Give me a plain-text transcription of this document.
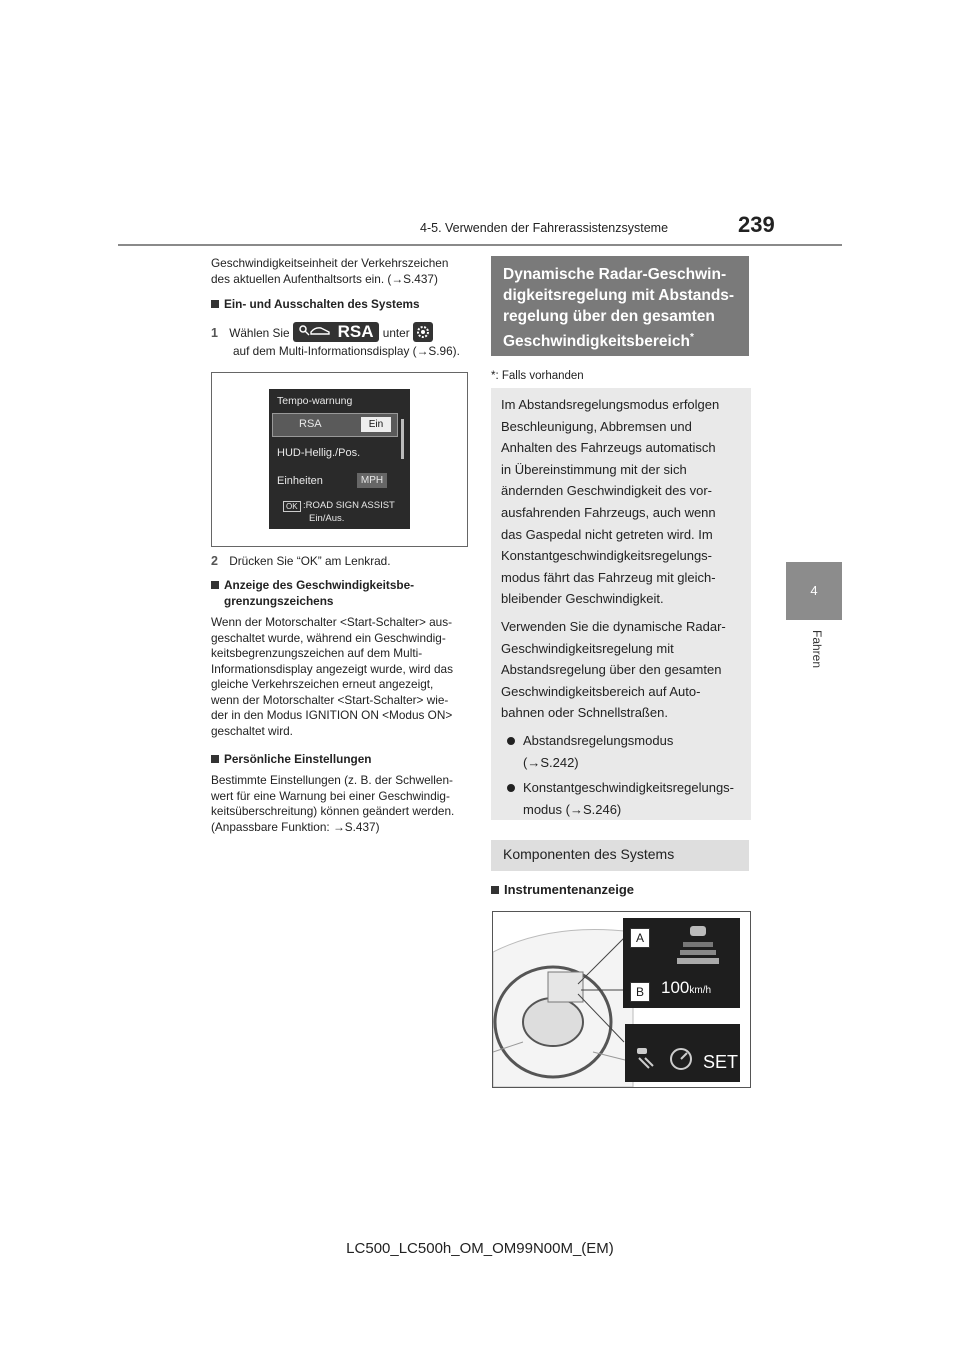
4-5. Verwenden der Fahrerassistenzsysteme	239
4
Fahren
Geschwindigkeitseinheit der Verkehrszeichen
des aktuellen Aufenthaltsorts ein. (→S.437)
Ein- und Ausschalten des Systems
1 Wählen Sie	RSA unter
auf dem Multi-Informationsdisplay (→S.96).
Tempo-warnung
RSA	Ein
HUD-Hellig./Pos.
Einheiten	MPH
OK :ROAD SIGN ASSIST
Ein/Aus.
2 Drücken Sie “OK” am Lenkrad.
Anzeige des Geschwindigkeitsbe-
grenzungszeichens
Wenn der Motorschalter <Start-Schalter> aus-
geschaltet wurde, während ein Geschwindig-
keitsbegrenzungszeichen auf dem Multi-
Informationsdisplay angezeigt wurde, wird das
gleiche Verkehrszeichen erneut angezeigt,
wenn der Motorschalter <Start-Schalter> wie-
der in den Modus IGNITION ON <Modus ON>
geschaltet wird.
Persönliche Einstellungen
Bestimmte Einstellungen (z. B. der Schwellen-
wert für eine Warnung bei einer Geschwindig-
keitsüberschreitung) können geändert werden.
(Anpassbare Funktion: →S.437)
Dynamische Radar-Geschwin-
digkeitsregelung mit Abstands-
regelung über den gesamten
Geschwindigkeitsbereich*
*: Falls vorhanden
Im Abstandsregelungsmodus erfolgen
Beschleunigung, Abbremsen und
Anhalten des Fahrzeugs automatisch
in Übereinstimmung mit der sich
ändernden Geschwindigkeit des vor-
ausfahrenden Fahrzeugs, auch wenn
das Gaspedal nicht getreten wird. Im
Konstantgeschwindigkeitsregelungs-
modus fährt das Fahrzeug mit gleich-
bleibender Geschwindigkeit.
Verwenden Sie die dynamische Radar-
Geschwindigkeitsregelung mit
Abstandsregelung über den gesamten
Geschwindigkeitsbereich auf Auto-
bahnen oder Schnellstraßen.
Abstandsregelungsmodus
(→S.242)
Konstantgeschwindigkeitsregelungs-
modus (→S.246)
Komponenten des Systems
Instrumentenanzeige
100km/h
A
B
SET
LC500_LC500h_OM_OM99N00M_(EM)
